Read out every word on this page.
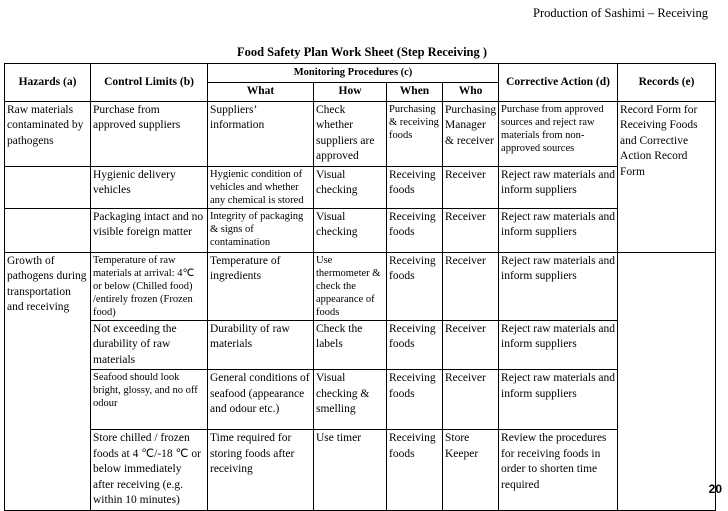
Production of Sashimi – Receiving
Food Safety Plan Work Sheet (Step Receiving )
Hazards (a)	Control Limits (b)	Monitoring Procedures (c)				Corrective Action (d)	Records (e)
		What	How	When	Who		
Raw materials contaminated by pathogens	Purchase from approved suppliers	Suppliers’ information	Check whether suppliers are approved	Purchasing & receiving foods	Purchasing Manager & receiver	Purchase from approved sources and reject raw materials from non-approved sources	Record Form for Receiving Foods and Corrective Action Record Form
	Hygienic delivery vehicles	Hygienic condition of vehicles and whether any chemical is stored	Visual checking	Receiving foods	Receiver	Reject raw materials and inform suppliers	
	Packaging intact and no visible foreign matter	Integrity of packaging & signs of contamination	Visual checking	Receiving foods	Receiver	Reject raw materials and inform suppliers	
Growth of pathogens during transportation and receiving	Temperature of raw materials at arrival: 4℃ or below (Chilled food) /entirely frozen (Frozen food)	Temperature of ingredients	Use thermometer & check the appearance of foods	Receiving foods	Receiver	Reject raw materials and inform suppliers	
	Not exceeding the durability of raw materials	Durability of raw materials	Check the labels	Receiving foods	Receiver	Reject raw materials and inform suppliers	
	Seafood should look bright, glossy, and no off odour	General conditions of seafood (appearance and odour etc.)	Visual checking & smelling	Receiving foods	Receiver	Reject raw materials and inform suppliers	
	Store chilled / frozen foods at 4 ℃/-18 ℃ or below immediately after receiving (e.g. within 10 minutes)	Time required for storing foods after receiving	Use timer	Receiving foods	Store Keeper	Review the procedures for receiving foods in order to shorten time required		20
